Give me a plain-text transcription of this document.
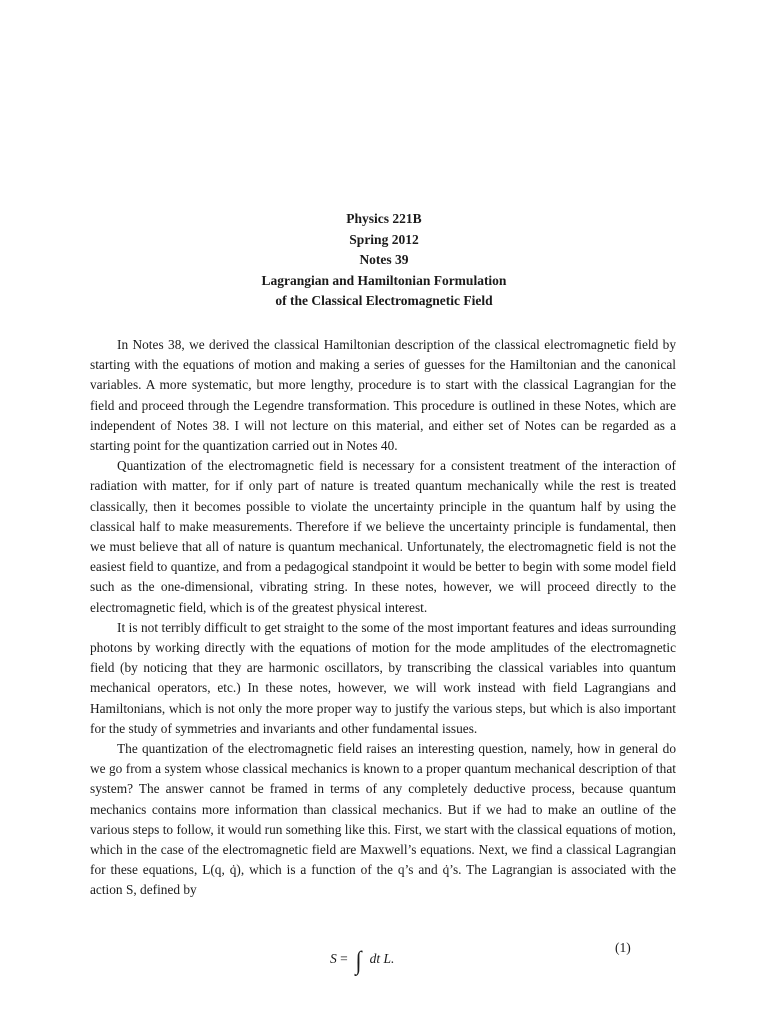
Physics 221B
Spring 2012
Notes 39
Lagrangian and Hamiltonian Formulation
of the Classical Electromagnetic Field

In Notes 38, we derived the classical Hamiltonian description of the classical electromagnetic field by starting with the equations of motion and making a series of guesses for the Hamiltonian and the canonical variables. A more systematic, but more lengthy, procedure is to start with the classical Lagrangian for the field and proceed through the Legendre transformation. This procedure is outlined in these Notes, which are independent of Notes 38. I will not lecture on this material, and either set of Notes can be regarded as a starting point for the quantization carried out in Notes 40.

Quantization of the electromagnetic field is necessary for a consistent treatment of the interaction of radiation with matter, for if only part of nature is treated quantum mechanically while the rest is treated classically, then it becomes possible to violate the uncertainty principle in the quantum half by using the classical half to make measurements. Therefore if we believe the uncertainty principle is fundamental, then we must believe that all of nature is quantum mechanical. Unfortunately, the electromagnetic field is not the easiest field to quantize, and from a pedagogical standpoint it would be better to begin with some model field such as the one-dimensional, vibrating string. In these notes, however, we will proceed directly to the electromagnetic field, which is of the greatest physical interest.

It is not terribly difficult to get straight to the some of the most important features and ideas surrounding photons by working directly with the equations of motion for the mode amplitudes of the electromagnetic field (by noticing that they are harmonic oscillators, by transcribing the classical variables into quantum mechanical operators, etc.) In these notes, however, we will work instead with field Lagrangians and Hamiltonians, which is not only the more proper way to justify the various steps, but which is also important for the study of symmetries and invariants and other fundamental issues.

The quantization of the electromagnetic field raises an interesting question, namely, how in general do we go from a system whose classical mechanics is known to a proper quantum mechanical description of that system? The answer cannot be framed in terms of any completely deductive process, because quantum mechanics contains more information than classical mechanics. But if we had to make an outline of the various steps to follow, it would run something like this. First, we start with the classical equations of motion, which in the case of the electromagnetic field are Maxwell’s equations. Next, we find a classical Lagrangian for these equations, L(q, q̇), which is a function of the q’s and q̇’s. The Lagrangian is associated with the action S, defined by

S = ∫ dt L.
(1)
